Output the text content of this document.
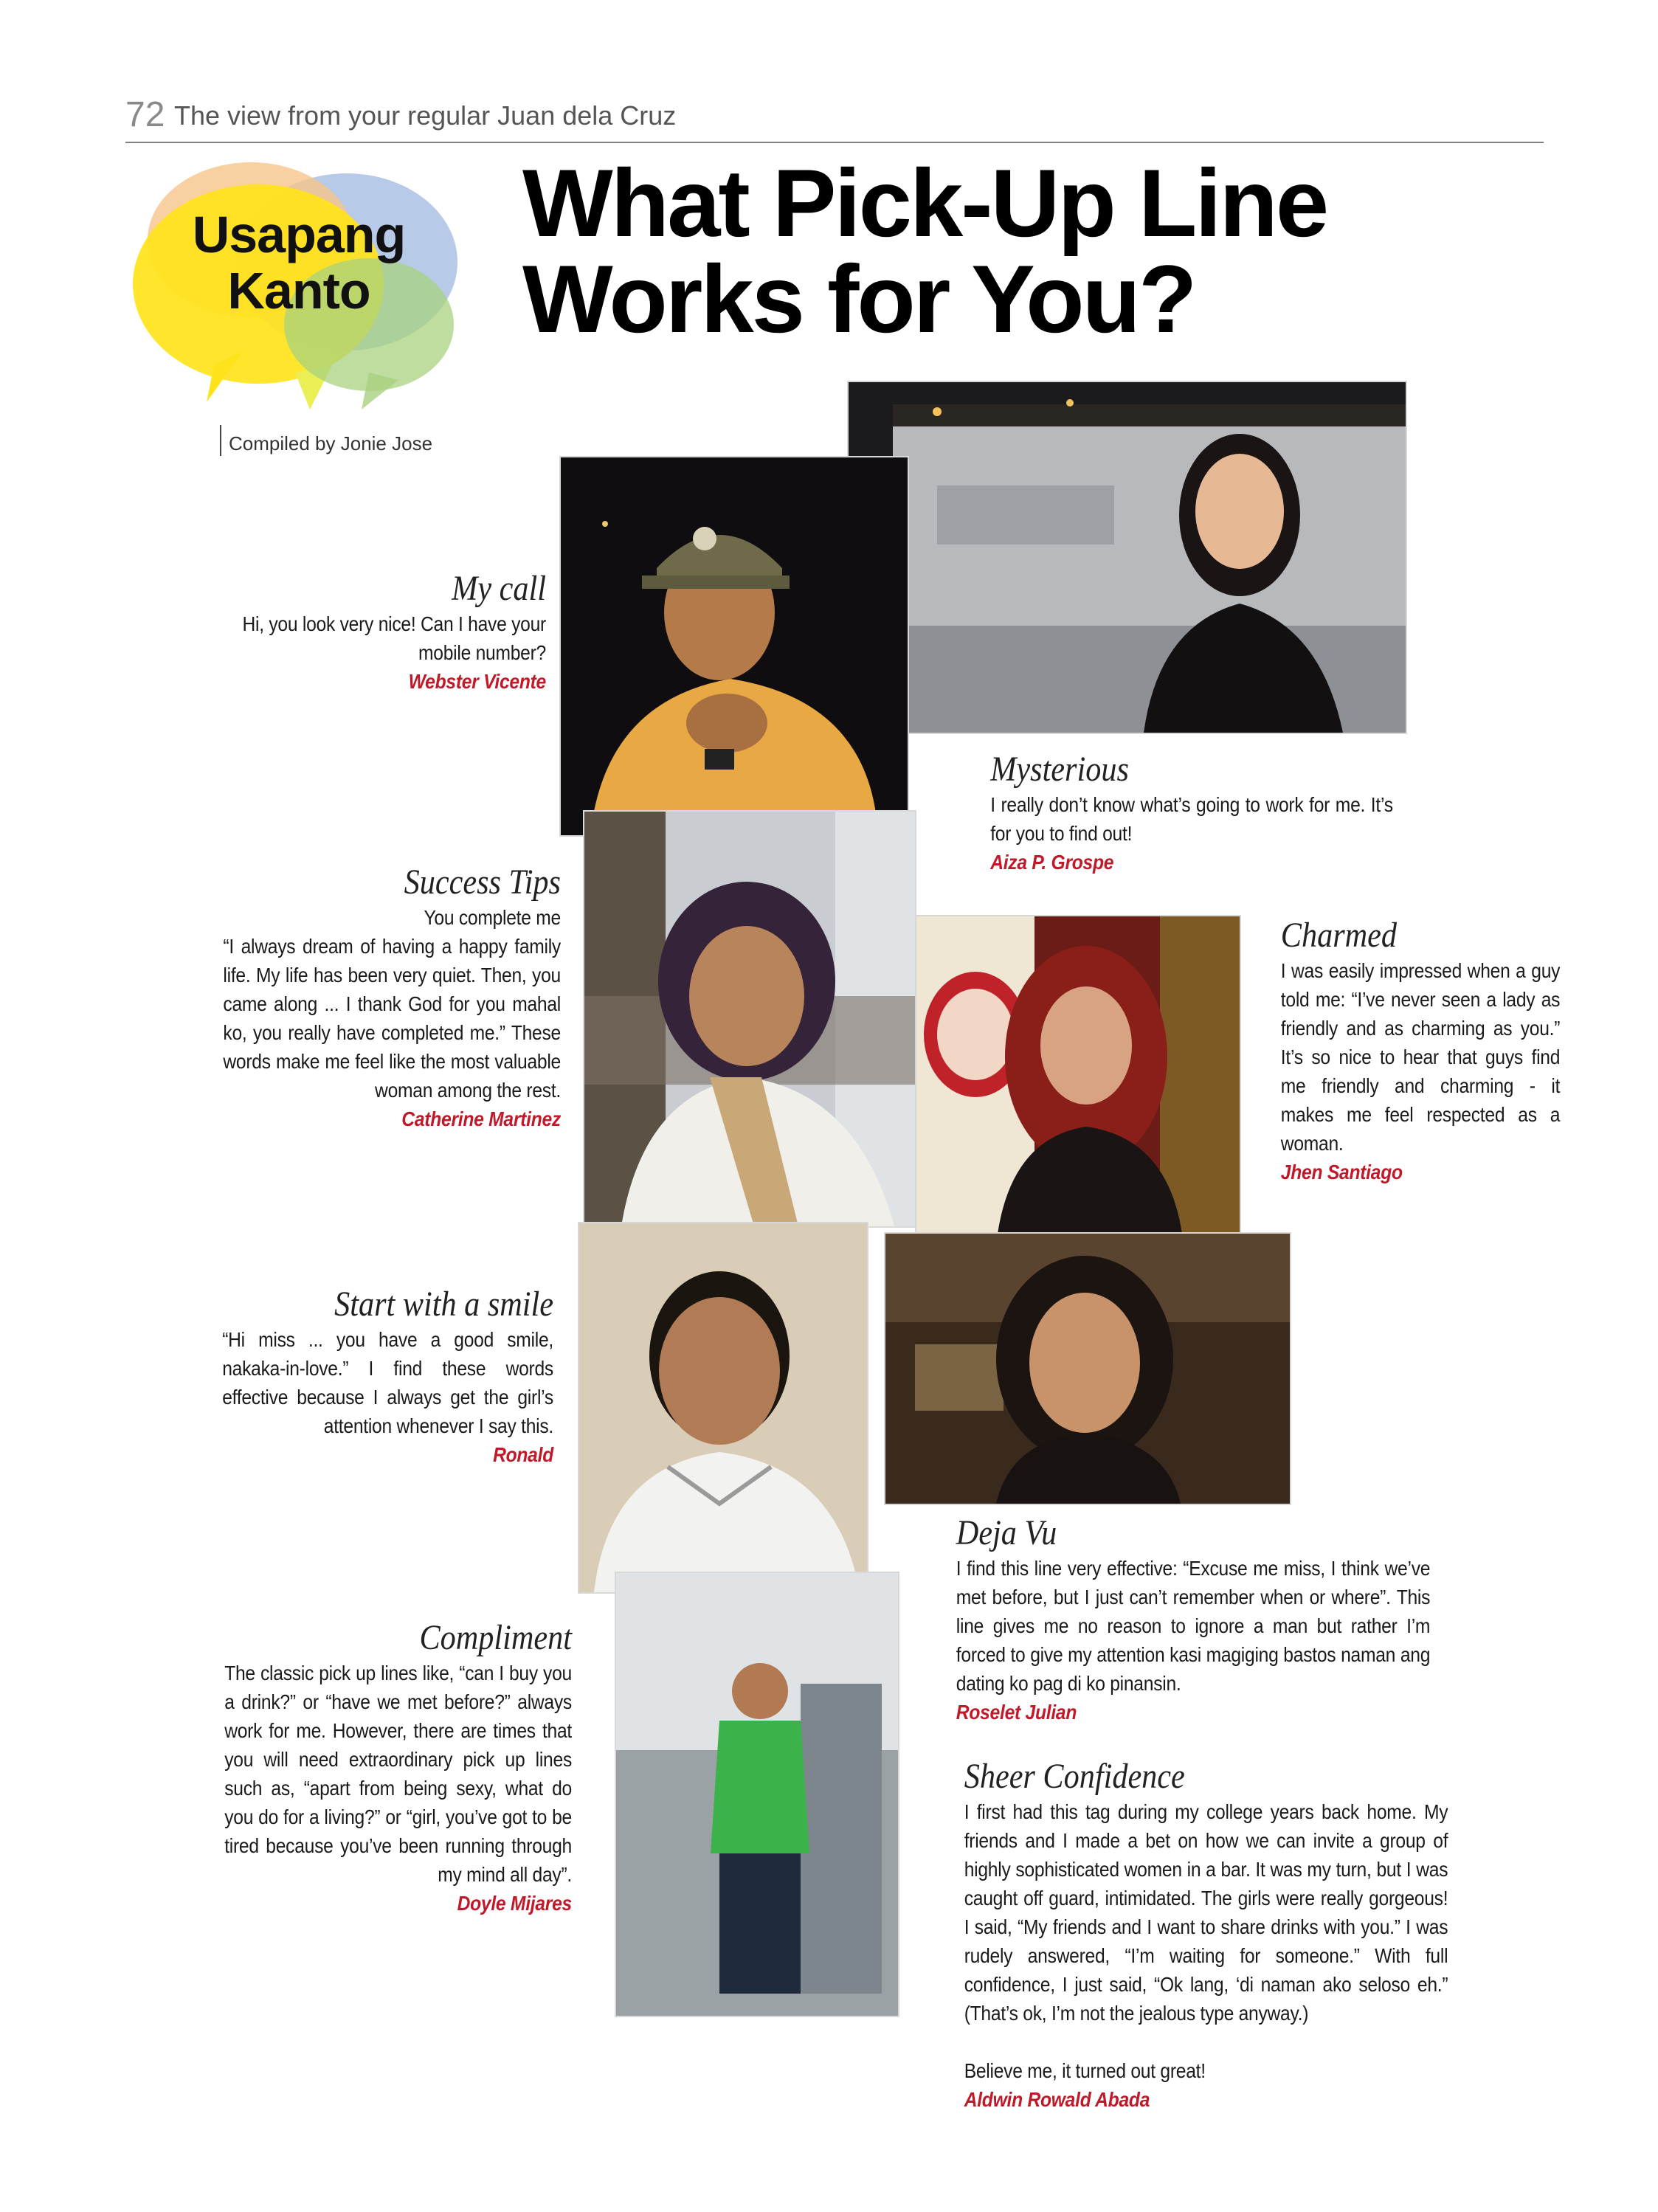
72 The view from your regular Juan dela Cruz
Usapang
Kanto
What Pick-Up Line
Works for You?
Compiled by Jonie Jose
My call
Hi, you look very nice! Can I have your mobile number?
Webster Vicente
Mysterious
I really don’t know what’s going to work for me. It’s for you to find out!
Aiza P. Grospe
Success Tips
You complete me
“I always dream of having a happy family life. My life has been very quiet. Then, you came along ... I thank God for you mahal ko, you really have completed me.” These words make me feel like the most valuable woman among the rest.
Catherine Martinez
Charmed
I was easily impressed when a guy told me: “I’ve never seen a lady as friendly and as charming as you.” It’s so nice to hear that guys find me friendly and charming - it makes me feel respected as a woman.
Jhen Santiago
Start with a smile
“Hi miss ... you have a good smile, nakaka-in-love.” I find these words effective because I always get the girl’s attention whenever I say this.
Ronald
Deja Vu
I find this line very effective: “Excuse me miss, I think we’ve met before, but I just can’t remember when or where”. This line gives me no reason to ignore a man but rather I’m forced to give my attention kasi magiging bastos naman ang dating ko pag di ko pinansin.
Roselet Julian
Compliment
The classic pick up lines like, “can I buy you a drink?” or “have we met before?” always work for me. However, there are times that you will need extraordinary pick up lines such as, “apart from being sexy, what do you do for a living?” or “girl, you’ve got to be tired because you’ve been running through my mind all day”.
Doyle Mijares
Sheer Confidence
I first had this tag during my college years back home. My friends and I made a bet on how we can invite a group of highly sophisticated women in a bar. It was my turn, but I was caught off guard, intimidated. The girls were really gorgeous! I said, “My friends and I want to share drinks with you.” I was rudely answered, “I’m waiting for someone.” With full confidence, I just said, “Ok lang, ‘di naman ako seloso eh.” (That’s ok, I’m not the jealous type anyway.)
Believe me, it turned out great!
Aldwin Rowald Abada
